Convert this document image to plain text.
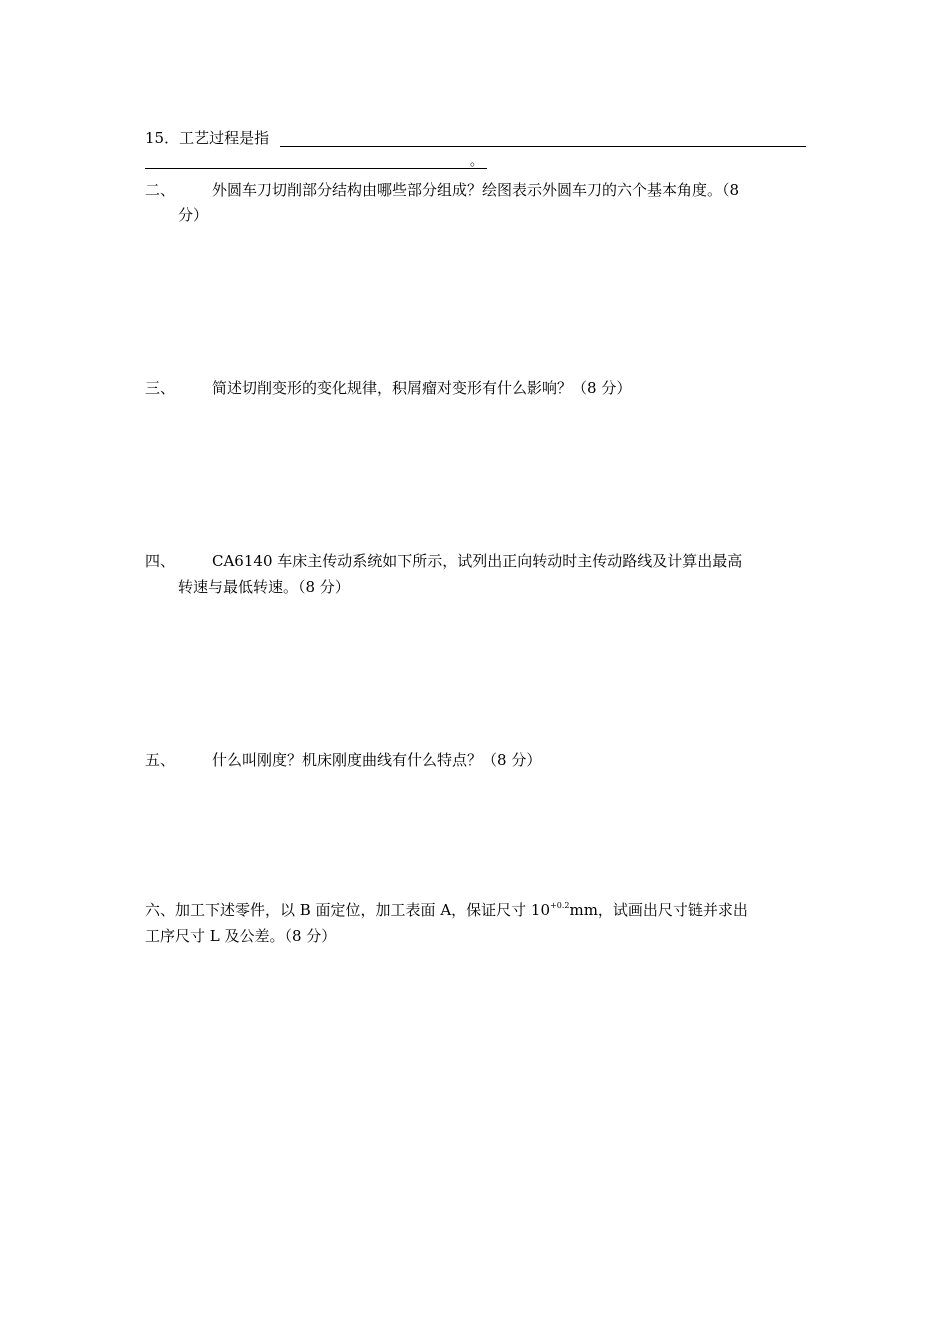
15．工艺过程是指
。
二、 外圆车刀切削部分结构由哪些部分组成？绘图表示外圆车刀的六个基本角度。（8
分）
三、 简述切削变形的变化规律，积屑瘤对变形有什么影响？（8 分）
四、 CA6140 车床主传动系统如下所示，试列出正向转动时主传动路线及计算出最高
转速与最低转速。（8 分）
五、 什么叫刚度？机床刚度曲线有什么特点？（8 分）
六、加工下述零件，以 B 面定位，加工表面 A，保证尺寸 $10^{+0.2}mm$，试画出尺寸链并求出
工序尺寸 L 及公差。（8 分）
